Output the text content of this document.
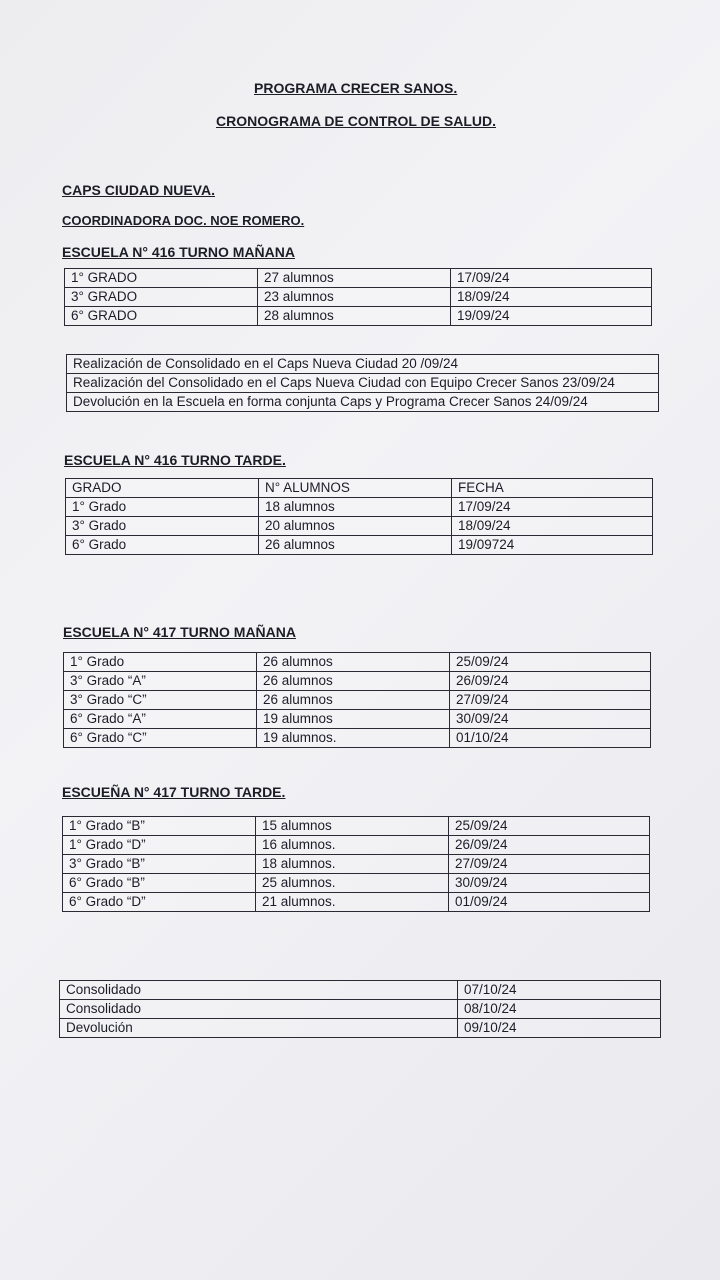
PROGRAMA CRECER SANOS.
CRONOGRAMA DE CONTROL DE SALUD.
CAPS CIUDAD NUEVA.
COORDINADORA DOC. NOE ROMERO.
ESCUELA N° 416 TURNO MAÑANA
1° GRADO	27 alumnos	17/09/24
3° GRADO	23 alumnos	18/09/24
6° GRADO	28 alumnos	19/09/24
Realización de Consolidado en el Caps Nueva Ciudad 20 /09/24
Realización del Consolidado en el Caps Nueva Ciudad con Equipo Crecer Sanos 23/09/24
Devolución en la Escuela en forma conjunta Caps y Programa Crecer Sanos 24/09/24
ESCUELA N° 416 TURNO TARDE.
GRADO	N° ALUMNOS	FECHA
1° Grado	18 alumnos	17/09/24
3° Grado	20 alumnos	18/09/24
6° Grado	26 alumnos	19/09724
ESCUELA N° 417 TURNO MAÑANA
1° Grado	26 alumnos	25/09/24
3° Grado “A”	26 alumnos	26/09/24
3° Grado “C”	26 alumnos	27/09/24
6° Grado “A”	19 alumnos	30/09/24
6° Grado “C”	19 alumnos.	01/10/24
ESCUEÑA N° 417 TURNO TARDE.
1° Grado “B”	15 alumnos	25/09/24
1° Grado “D”	16 alumnos.	26/09/24
3° Grado “B”	18 alumnos.	27/09/24
6° Grado “B”	25 alumnos.	30/09/24
6° Grado “D”	21 alumnos.	01/09/24
Consolidado	07/10/24
Consolidado	08/10/24
Devolución	09/10/24
